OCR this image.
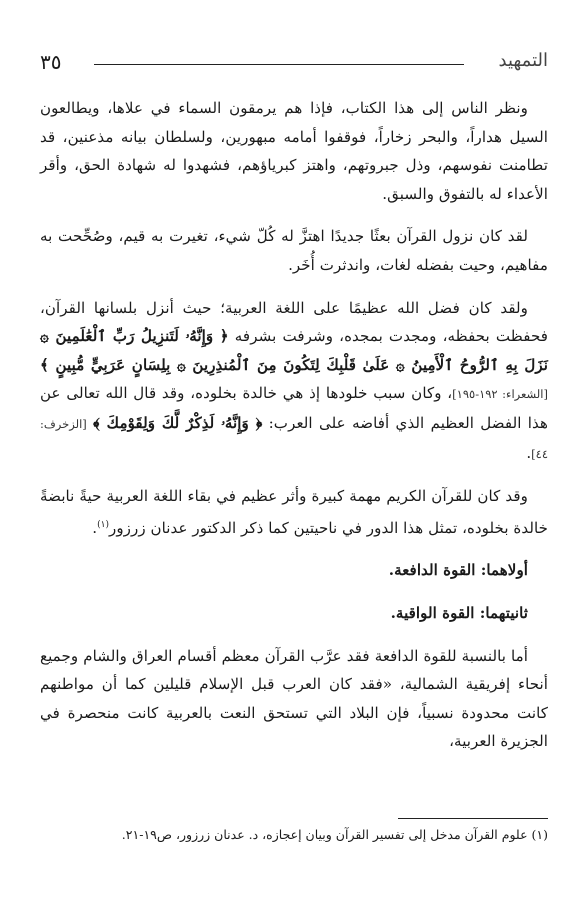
٣٥	التمهيد

ونظر الناس إلى هذا الكتاب، فإذا هم يرمقون السماء في علاها، ويطالعون السيل هداراً، والبحر زخاراً، فوقفوا أمامه مبهورين، ولسلطان بيانه مذعنين، قد تطامنت نفوسهم، وذل جبروتهم، واهتز كبرياؤهم، فشهدوا له شهادة الحق، وأقر الأعداء له بالتفوق والسبق.

لقد كان نزول القرآن بعثًا جديدًا اهتزَّ له كُلّ شيء، تغيرت به قيم، وصُحِّحت به مفاهيم، وحيت بفضله لغات، واندثرت أُخَر.

ولقد كان فضل الله عظيمًا على اللغة العربية؛ حيث أنزل بلسانها القرآن، فحفظت بحفظه، ومجدت بمجده، وشرفت بشرفه ﴿ وَإِنَّهُۥ لَتَنزِيلُ رَبِّ ٱلْعَٰلَمِينَ ۞ نَزَلَ بِهِ ٱلرُّوحُ ٱلْأَمِينُ ۞ عَلَىٰ قَلْبِكَ لِتَكُونَ مِنَ ٱلْمُنذِرِينَ ۞ بِلِسَانٍ عَرَبِيٍّ مُّبِينٍ ﴾ [الشعراء: ١٩٢-١٩٥]، وكان سبب خلودها إذ هي خالدة بخلوده، وقد قال الله تعالى عن هذا الفضل العظيم الذي أفاضه على العرب: ﴿ وَإِنَّهُۥ لَذِكْرٌ لَّكَ وَلِقَوْمِكَ ﴾ [الزخرف: ٤٤].

وقد كان للقرآن الكريم مهمة كبيرة وأثر عظيم في بقاء اللغة العربية حيةً نابضةً خالدة بخلوده، تمثل هذا الدور في ناحيتين كما ذكر الدكتور عدنان زرزور$^{(١)}$.

أولاهما: القوة الدافعة.

ثانيتهما: القوة الواقية.

أما بالنسبة للقوة الدافعة فقد عرَّب القرآن معظم أقسام العراق والشام وجميع أنحاء إفريقية الشمالية، «فقد كان العرب قبل الإسلام قليلين كما أن مواطنهم كانت محدودة نسبياً، فإن البلاد التي تستحق النعت بالعربية كانت منحصرة في الجزيرة العربية،

(١) علوم القرآن مدخل إلى تفسير القرآن وبيان إعجازه، د. عدنان زرزور، ص١٩-٢١.
